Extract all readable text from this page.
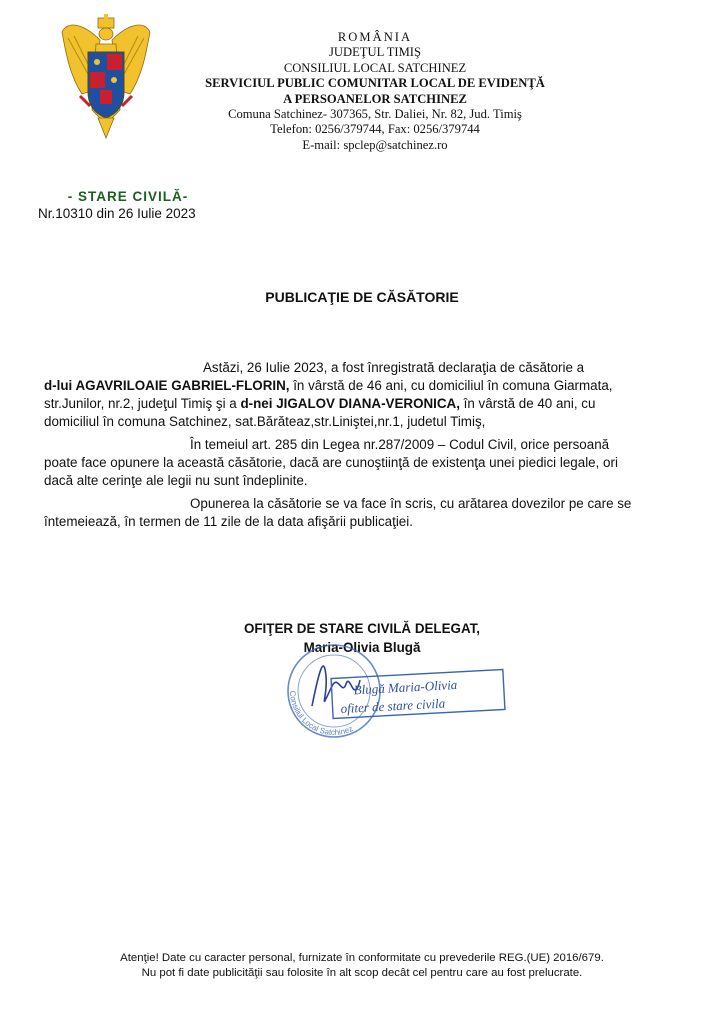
ROMÂNIA
JUDEŢUL TIMIŞ
CONSILIUL LOCAL SATCHINEZ
SERVICIUL PUBLIC COMUNITAR LOCAL DE EVIDENŢĂ
A PERSOANELOR SATCHINEZ
Comuna Satchinez- 307365, Str. Daliei, Nr. 82, Jud. Timiş
Telefon: 0256/379744, Fax: 0256/379744
E-mail: spclep@satchinez.ro
- STARE CIVILĂ-
Nr.10310 din 26 Iulie 2023
PUBLICAŢIE DE CĂSĂTORIE
Astăzi, 26 Iulie 2023, a fost înregistrată declaraţia de căsătorie a
d-lui AGAVRILOAIE GABRIEL-FLORIN, în vârstă de 46 ani, cu domiciliul în comuna Giarmata,
str.Junilor, nr.2, judeţul Timiş şi a d-nei JIGALOV DIANA-VERONICA, în vârstă de 40 ani, cu
domiciliul în comuna Satchinez, sat.Bărăteaz,str.Liniştei,nr.1, judetul Timiş,
În temeiul art. 285 din Legea nr.287/2009 – Codul Civil, orice persoană
poate face opunere la această căsătorie, dacă are cunoştiinţă de existenţa unei piedici legale, ori
dacă alte cerinţe ale legii nu sunt îndeplinite.
Opunerea la căsătorie se va face în scris, cu arătarea dovezilor pe care se
întemeiează, în termen de 11 zile de la data afişării publicaţiei.
OFIŢER DE STARE CIVILĂ DELEGAT,
Maria-Olivia Blugă
Consiliul Local Satchinez
Blugă Maria-Olivia
ofiter de stare civila
Atenţie! Date cu caracter personal, furnizate în conformitate cu prevederile REG.(UE) 2016/679.
Nu pot fi date publicităţii sau folosite în alt scop decât cel pentru care au fost prelucrate.
